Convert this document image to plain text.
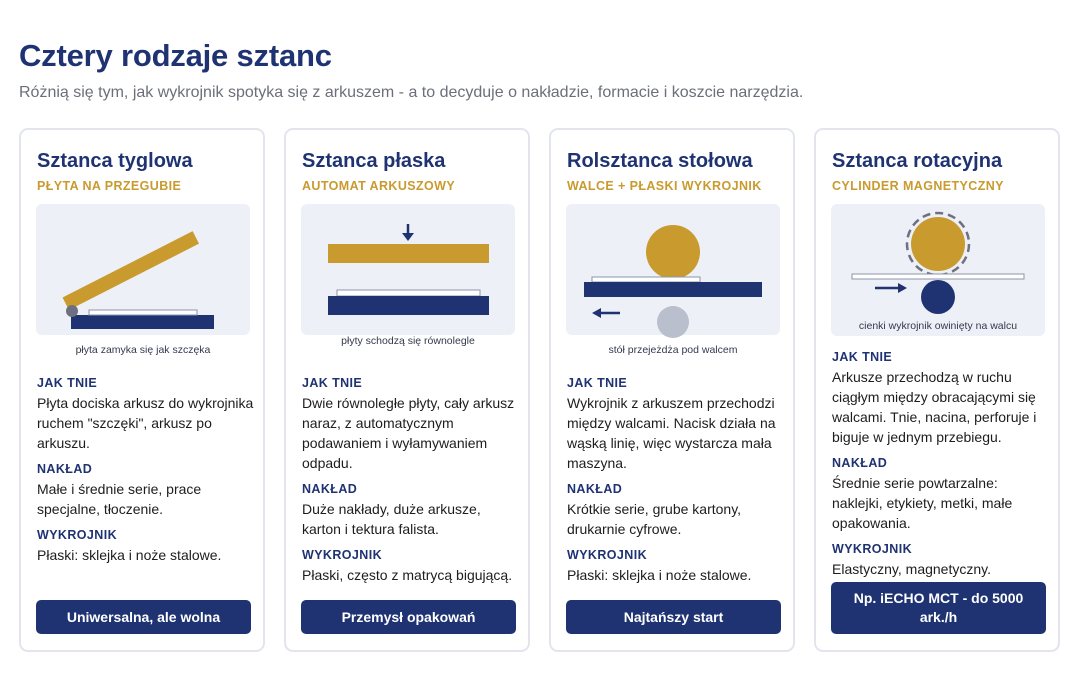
Cztery rodzaje sztanc

Różnią się tym, jak wykrojnik spotyka się z arkuszem - a to decyduje o nakładzie, formacie i koszcie narzędzia.

Sztanca tyglowa
PŁYTA NA PRZEGUBIE
płyta zamyka się jak szczęka
JAK TNIE
Płyta dociska arkusz do wykrojnika ruchem "szczęki", arkusz po arkuszu.
NAKŁAD
Małe i średnie serie, prace specjalne, tłoczenie.
WYKROJNIK
Płaski: sklejka i noże stalowe.
Uniwersalna, ale wolna
Sztanca płaska
AUTOMAT ARKUSZOWY
płyty schodzą się równolegle
JAK TNIE
Dwie równoległe płyty, cały arkusz naraz, z automatycznym podawaniem i wyłamywaniem odpadu.
NAKŁAD
Duże nakłady, duże arkusze, karton i tektura falista.
WYKROJNIK
Płaski, często z matrycą bigującą.
Przemysł opakowań
Rolsztanca stołowa
WALCE + PŁASKI WYKROJNIK
stół przejeżdża pod walcem
JAK TNIE
Wykrojnik z arkuszem przechodzi między walcami. Nacisk działa na wąską linię, więc wystarcza mała maszyna.
NAKŁAD
Krótkie serie, grube kartony, drukarnie cyfrowe.
WYKROJNIK
Płaski: sklejka i noże stalowe.
Najtańszy start
Sztanca rotacyjna
CYLINDER MAGNETYCZNY
cienki wykrojnik owinięty na walcu
JAK TNIE
Arkusze przechodzą w ruchu ciągłym między obracającymi się walcami. Tnie, nacina, perforuje i biguje w jednym przebiegu.
NAKŁAD
Średnie serie powtarzalne: naklejki, etykiety, metki, małe opakowania.
WYKROJNIK
Elastyczny, magnetyczny.
Np. iECHO MCT - do 5000 ark./h
